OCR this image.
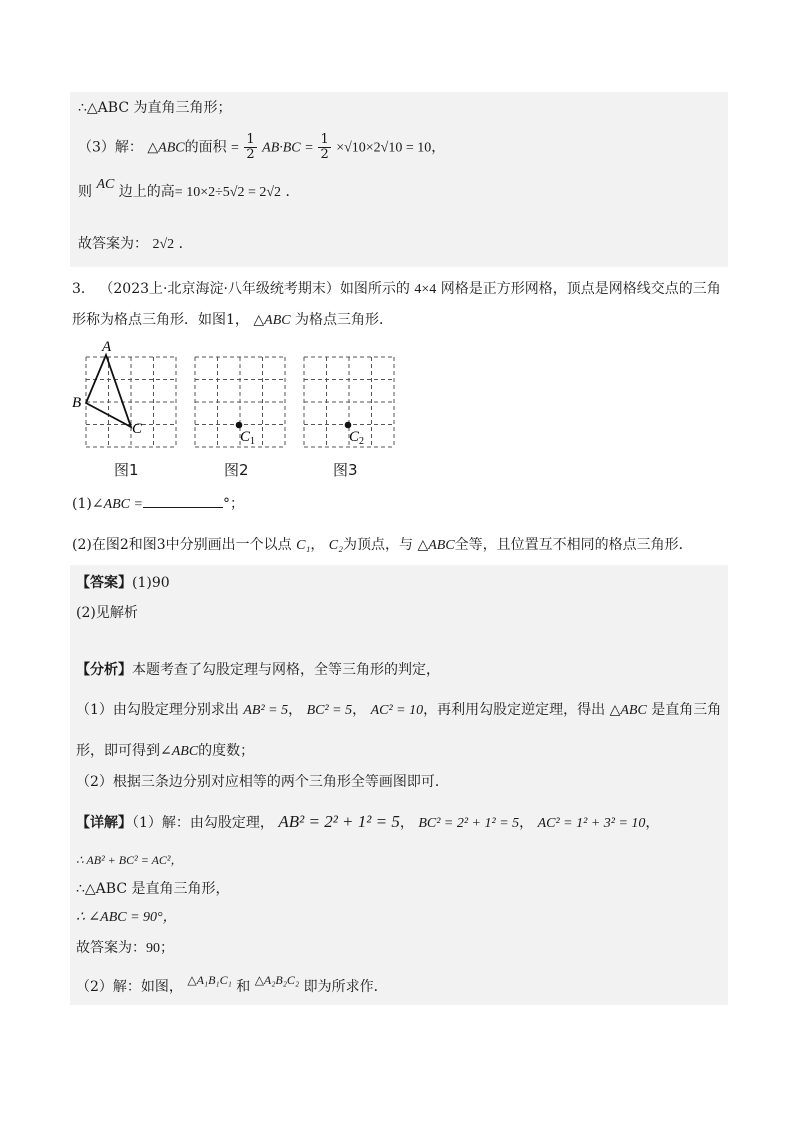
∴△ABC 为直角三角形；
（3）解： △ABC的面积 = $\frac{1}{2} AB\cdot BC = \frac{1}{2} \times√10\times 2√10 = 10$，
则 AC 边上的高= 10×2÷5√2 = 2√2 ．
故答案为： 2√2 ．
3． （2023上·北京海淀·八年级统考期末）如图所示的 4×4 网格是正方形网格，顶点是网格线交点的三角
形称为格点三角形．如图1， △ABC 为格点三角形．
A
B
C	$C_1$	$C_2$
图1	图2	图3
(1)∠ABC =	°；
(2)在图2和图3中分别画出一个以点 C₁， C₂为顶点，与 △ABC全等，且位置互不相同的格点三角形．
【答案】(1)90
(2)见解析
【分析】本题考查了勾股定理与网格，全等三角形的判定，
（1）由勾股定理分别求出 AB² = 5， BC² = 5， AC² = 10，再利用勾股定逆定理，得出 △ABC 是直角三角
形，即可得到∠ABC的度数；
（2）根据三条边分别对应相等的两个三角形全等画图即可．
【详解】（1）解：由勾股定理， AB² = 2² + 1² = 5， BC² = 2² + 1² = 5， AC² = 1² + 3² = 10，
∴ AB² + BC² = AC²，
∴△ABC 是直角三角形，
∴ ∠ABC = 90°，
故答案为：90；
（2）解：如图， △A₁B₁C₁ 和 △A₂B₂C₂ 即为所求作．
